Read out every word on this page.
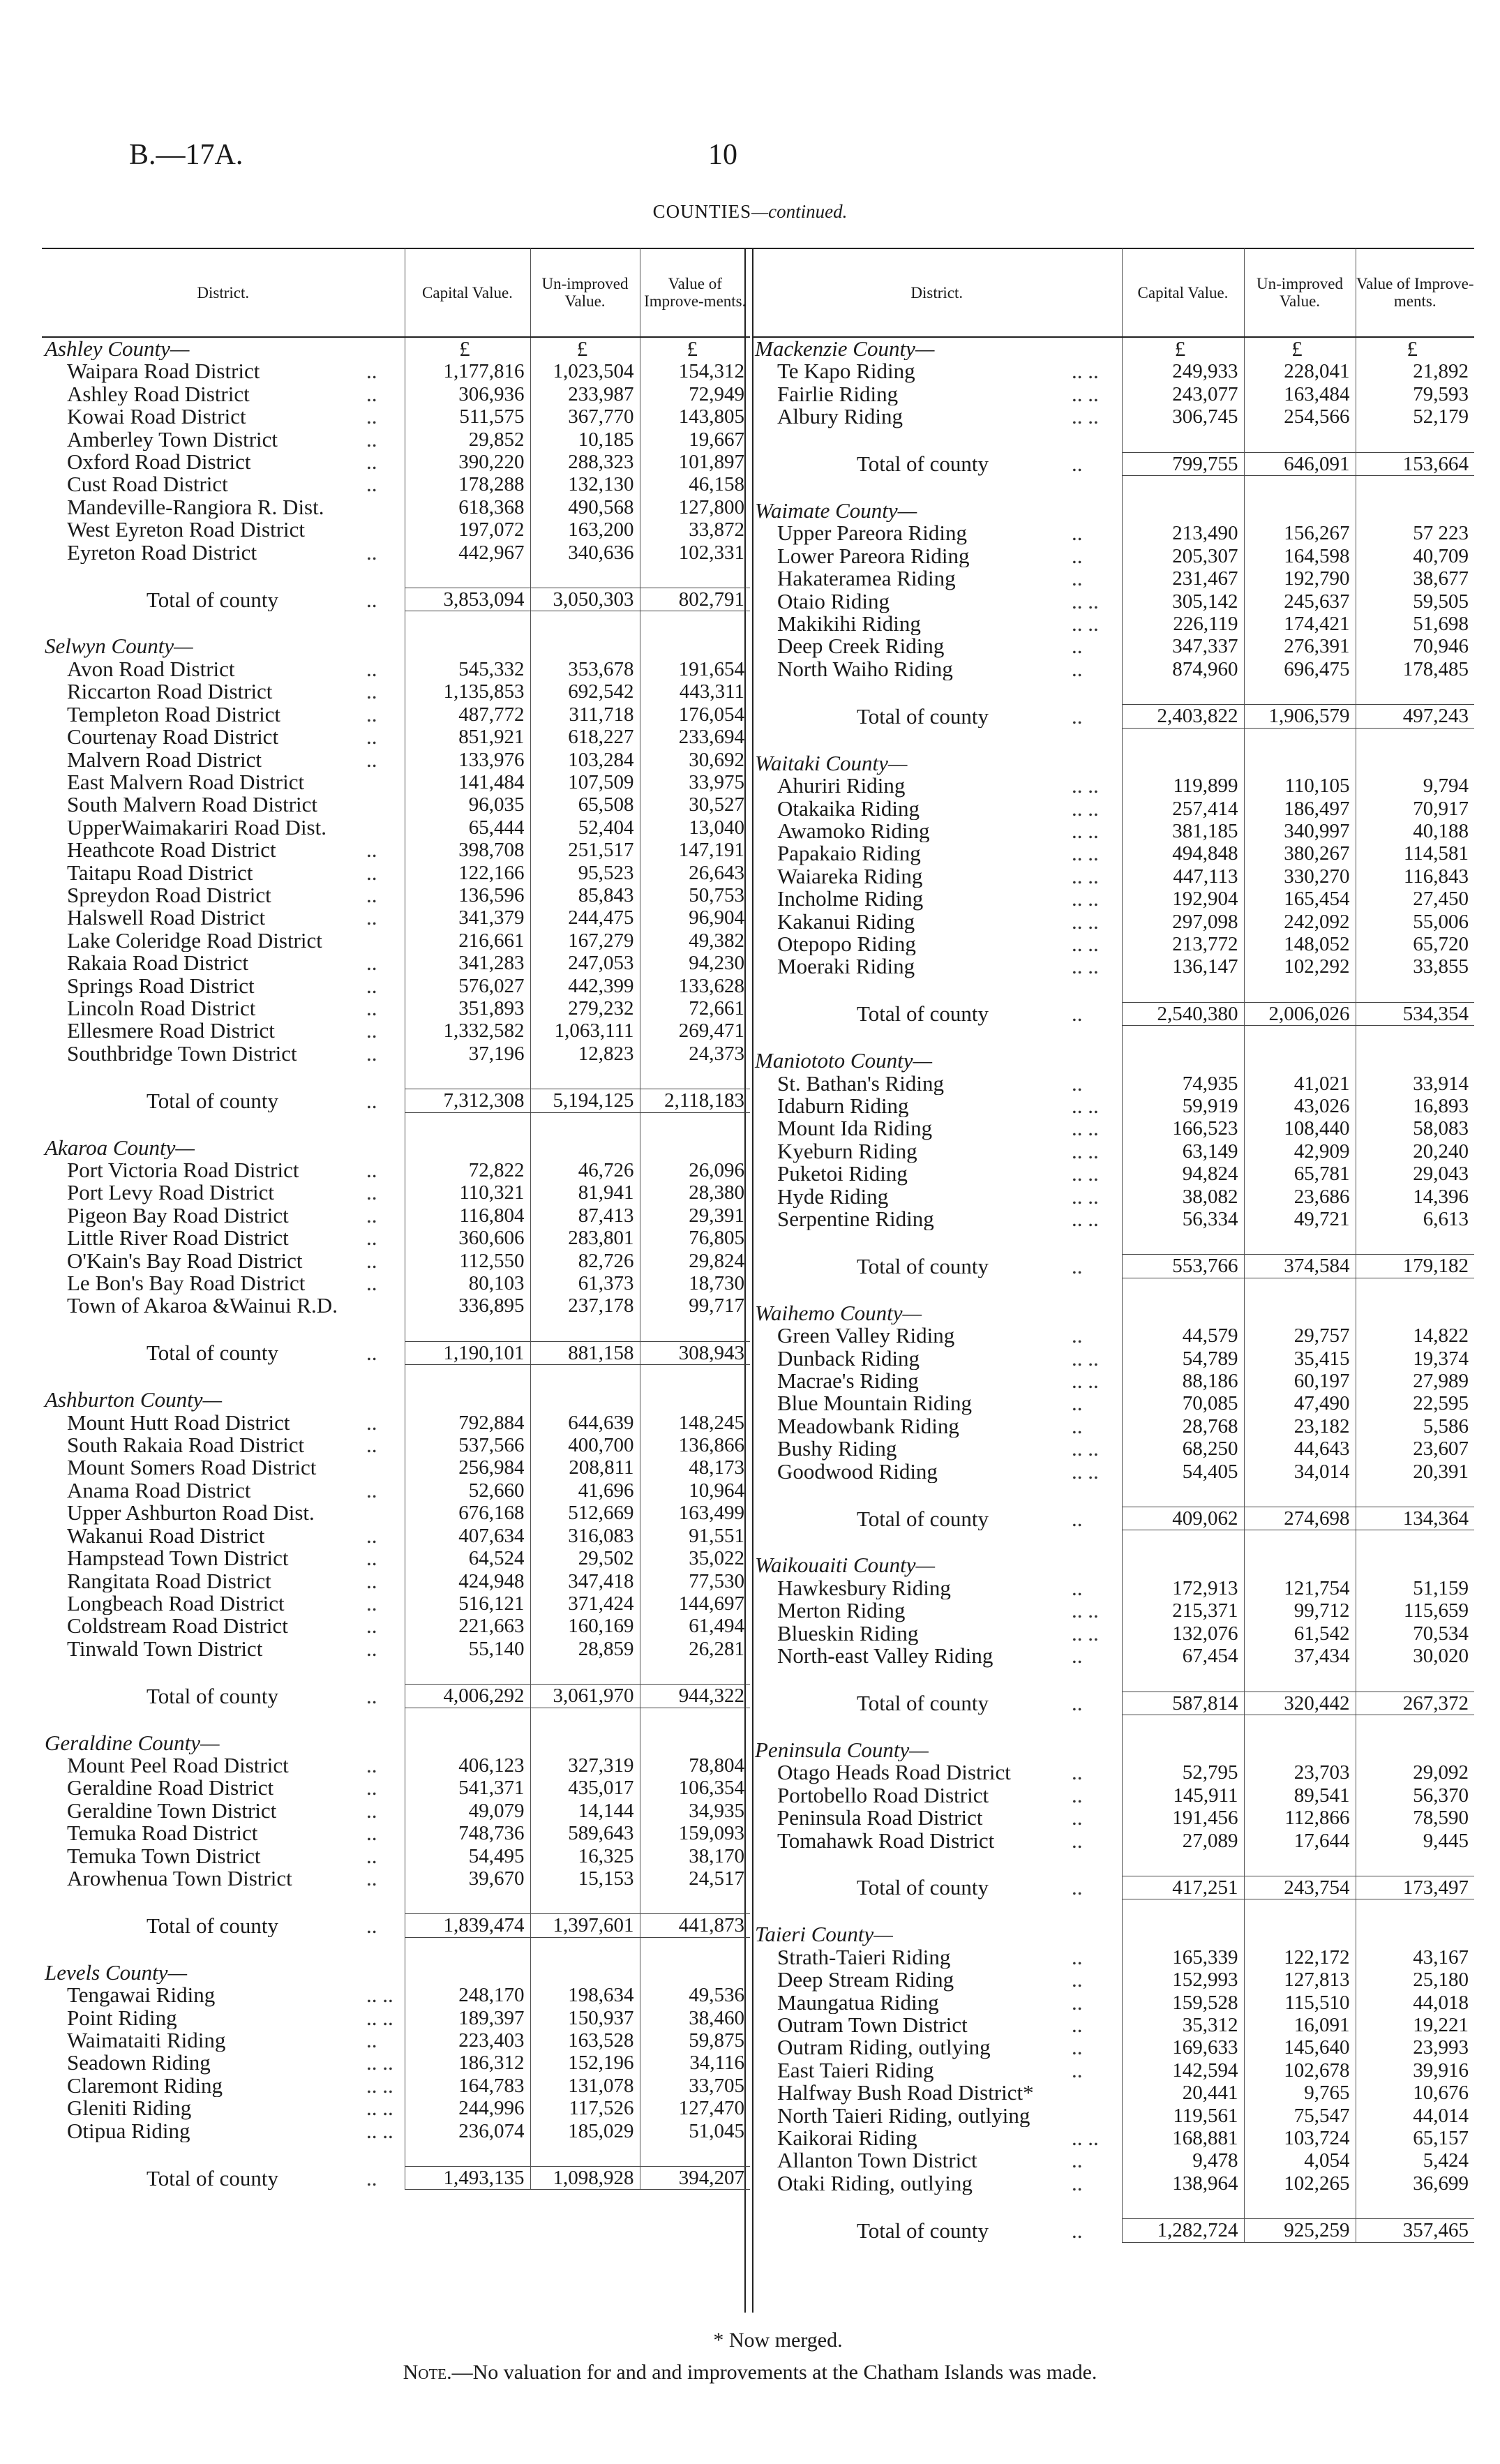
B.—17A.	10
COUNTIES—continued.
District.		Capital Value.	Un-improved Value.	Value of Improve-ments.
Ashley County—		£	£	£
Waipara Road District	..	1,177,816	1,023,504	154,312
Ashley Road District	..	306,936	233,987	72,949
Kowai Road District	..	511,575	367,770	143,805
Amberley Town District	..	29,852	10,185	19,667
Oxford Road District	..	390,220	288,323	101,897
Cust Road District	..	178,288	132,130	46,158
Mandeville-Rangiora R. Dist.		618,368	490,568	127,800
West Eyreton Road District		197,072	163,200	33,872
Eyreton Road District	..	442,967	340,636	102,331

Total of county	..	3,853,094	3,050,303	802,791

Selwyn County—				
Avon Road District	..	545,332	353,678	191,654
Riccarton Road District	..	1,135,853	692,542	443,311
Templeton Road District	..	487,772	311,718	176,054
Courtenay Road District	..	851,921	618,227	233,694
Malvern Road District	..	133,976	103,284	30,692
East Malvern Road District		141,484	107,509	33,975
South Malvern Road District		96,035	65,508	30,527
UpperWaimakariri Road Dist.		65,444	52,404	13,040
Heathcote Road District	..	398,708	251,517	147,191
Taitapu Road District	..	122,166	95,523	26,643
Spreydon Road District	..	136,596	85,843	50,753
Halswell Road District	..	341,379	244,475	96,904
Lake Coleridge Road District		216,661	167,279	49,382
Rakaia Road District	..	341,283	247,053	94,230
Springs Road District	..	576,027	442,399	133,628
Lincoln Road District	..	351,893	279,232	72,661
Ellesmere Road District	..	1,332,582	1,063,111	269,471
Southbridge Town District	..	37,196	12,823	24,373

Total of county	..	7,312,308	5,194,125	2,118,183

Akaroa County—				
Port Victoria Road District	..	72,822	46,726	26,096
Port Levy Road District	..	110,321	81,941	28,380
Pigeon Bay Road District	..	116,804	87,413	29,391
Little River Road District	..	360,606	283,801	76,805
O'Kain's Bay Road District	..	112,550	82,726	29,824
Le Bon's Bay Road District	..	80,103	61,373	18,730
Town of Akaroa &Wainui R.D.		336,895	237,178	99,717

Total of county	..	1,190,101	881,158	308,943

Ashburton County—				
Mount Hutt Road District	..	792,884	644,639	148,245
South Rakaia Road District	..	537,566	400,700	136,866
Mount Somers Road District		256,984	208,811	48,173
Anama Road District	..	52,660	41,696	10,964
Upper Ashburton Road Dist.		676,168	512,669	163,499
Wakanui Road District	..	407,634	316,083	91,551
Hampstead Town District	..	64,524	29,502	35,022
Rangitata Road District	..	424,948	347,418	77,530
Longbeach Road District	..	516,121	371,424	144,697
Coldstream Road District	..	221,663	160,169	61,494
Tinwald Town District	..	55,140	28,859	26,281

Total of county	..	4,006,292	3,061,970	944,322

Geraldine County—				
Mount Peel Road District	..	406,123	327,319	78,804
Geraldine Road District	..	541,371	435,017	106,354
Geraldine Town District	..	49,079	14,144	34,935
Temuka Road District	..	748,736	589,643	159,093
Temuka Town District	..	54,495	16,325	38,170
Arowhenua Town District	..	39,670	15,153	24,517

Total of county	..	1,839,474	1,397,601	441,873

Levels County—				
Tengawai Riding	.. ..	248,170	198,634	49,536
Point Riding	.. ..	189,397	150,937	38,460
Waimataiti Riding	..	223,403	163,528	59,875
Seadown Riding	.. ..	186,312	152,196	34,116
Claremont Riding	.. ..	164,783	131,078	33,705
Gleniti Riding	.. ..	244,996	117,526	127,470
Otipua Riding	.. ..	236,074	185,029	51,045

Total of county	..	1,493,135	1,098,928	394,207
District.		Capital Value.	Un-improved Value.	Value of Improve-ments.
Mackenzie County—		£	£	£
Te Kapo Riding	.. ..	249,933	228,041	21,892
Fairlie Riding	.. ..	243,077	163,484	79,593
Albury Riding	.. ..	306,745	254,566	52,179

Total of county	..	799,755	646,091	153,664

Waimate County—				
Upper Pareora Riding	..	213,490	156,267	57 223
Lower Pareora Riding	..	205,307	164,598	40,709
Hakateramea Riding	..	231,467	192,790	38,677
Otaio Riding	.. ..	305,142	245,637	59,505
Makikihi Riding	.. ..	226,119	174,421	51,698
Deep Creek Riding	..	347,337	276,391	70,946
North Waiho Riding	..	874,960	696,475	178,485

Total of county	..	2,403,822	1,906,579	497,243

Waitaki County—				
Ahuriri Riding	.. ..	119,899	110,105	9,794
Otakaika Riding	.. ..	257,414	186,497	70,917
Awamoko Riding	.. ..	381,185	340,997	40,188
Papakaio Riding	.. ..	494,848	380,267	114,581
Waiareka Riding	.. ..	447,113	330,270	116,843
Incholme Riding	.. ..	192,904	165,454	27,450
Kakanui Riding	.. ..	297,098	242,092	55,006
Otepopo Riding	.. ..	213,772	148,052	65,720
Moeraki Riding	.. ..	136,147	102,292	33,855

Total of county	..	2,540,380	2,006,026	534,354

Maniototo County—				
St. Bathan's Riding	..	74,935	41,021	33,914
Idaburn Riding	.. ..	59,919	43,026	16,893
Mount Ida Riding	.. ..	166,523	108,440	58,083
Kyeburn Riding	.. ..	63,149	42,909	20,240
Puketoi Riding	.. ..	94,824	65,781	29,043
Hyde Riding	.. ..	38,082	23,686	14,396
Serpentine Riding	.. ..	56,334	49,721	6,613

Total of county	..	553,766	374,584	179,182

Waihemo County—				
Green Valley Riding	..	44,579	29,757	14,822
Dunback Riding	.. ..	54,789	35,415	19,374
Macrae's Riding	.. ..	88,186	60,197	27,989
Blue Mountain Riding	..	70,085	47,490	22,595
Meadowbank Riding	..	28,768	23,182	5,586
Bushy Riding	.. ..	68,250	44,643	23,607
Goodwood Riding	.. ..	54,405	34,014	20,391

Total of county	..	409,062	274,698	134,364

Waikouaiti County—				
Hawkesbury Riding	..	172,913	121,754	51,159
Merton Riding	.. ..	215,371	99,712	115,659
Blueskin Riding	.. ..	132,076	61,542	70,534
North-east Valley Riding	..	67,454	37,434	30,020

Total of county	..	587,814	320,442	267,372

Peninsula County—				
Otago Heads Road District	..	52,795	23,703	29,092
Portobello Road District	..	145,911	89,541	56,370
Peninsula Road District	..	191,456	112,866	78,590
Tomahawk Road District	..	27,089	17,644	9,445

Total of county	..	417,251	243,754	173,497

Taieri County—				
Strath-Taieri Riding	..	165,339	122,172	43,167
Deep Stream Riding	..	152,993	127,813	25,180
Maungatua Riding	..	159,528	115,510	44,018
Outram Town District	..	35,312	16,091	19,221
Outram Riding, outlying	..	169,633	145,640	23,993
East Taieri Riding	..	142,594	102,678	39,916
Halfway Bush Road District*		20,441	9,765	10,676
North Taieri Riding, outlying		119,561	75,547	44,014
Kaikorai Riding	.. ..	168,881	103,724	65,157
Allanton Town District	..	9,478	4,054	5,424
Otaki Riding, outlying	..	138,964	102,265	36,699

Total of county	..	1,282,724	925,259	357,465
* Now merged.
Note.—No valuation for and and improvements at the Chatham Islands was made.
